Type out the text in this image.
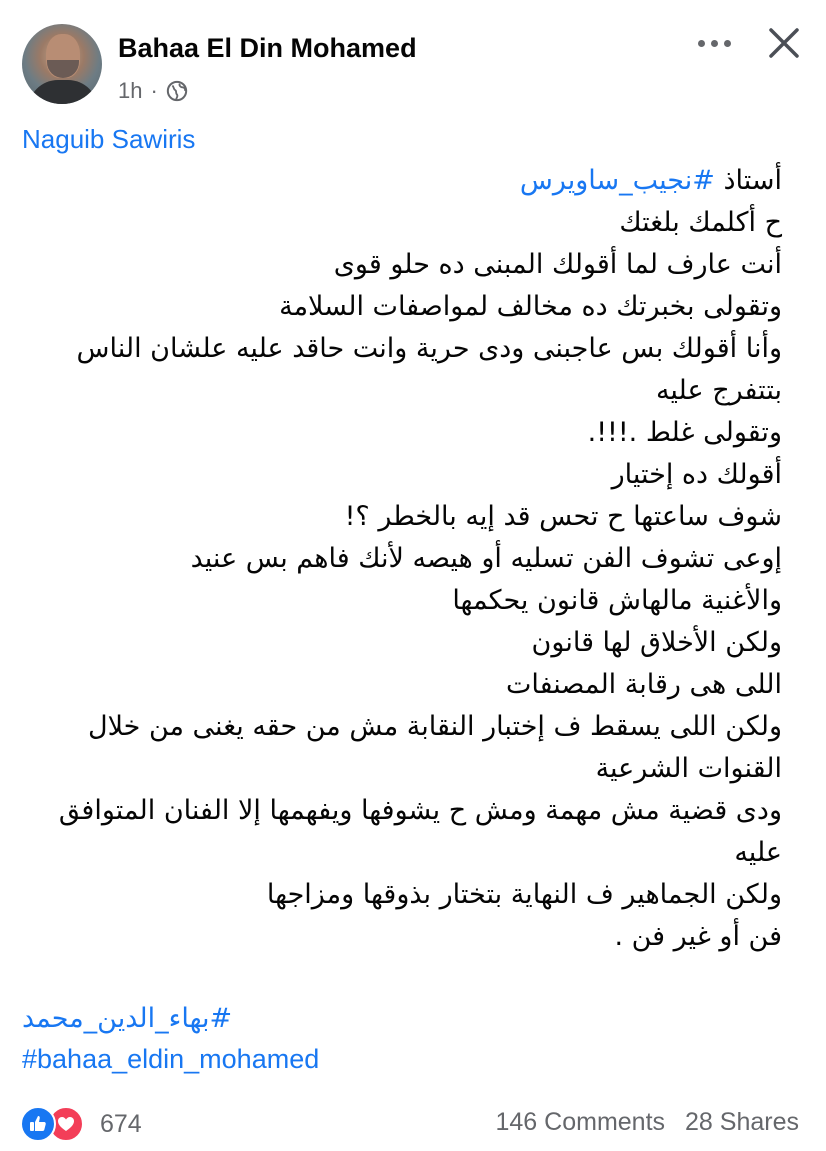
Bahaa El Din Mohamed
1h ·
Naguib Sawiris
أستاذ #نجيب_ساويرس
ح أكلمك بلغتك
أنت عارف لما أقولك المبنى ده حلو قوى
وتقولى بخبرتك ده مخالف لمواصفات السلامة
وأنا أقولك بس عاجبنى ودى حرية وانت حاقد عليه علشان الناس
بتتفرج عليه
وتقولى غلط .!!!.
أقولك ده إختيار
شوف ساعتها ح تحس قد إيه بالخطر ؟!
إوعى تشوف الفن تسليه أو هيصه لأنك فاهم بس عنيد
والأغنية مالهاش قانون يحكمها
ولكن الأخلاق لها قانون
اللى هى رقابة المصنفات
ولكن اللى يسقط ف إختبار النقابة مش من حقه يغنى من خلال
القنوات الشرعية
ودى قضية مش مهمة ومش ح يشوفها ويفهمها إلا الفنان المتوافق
عليه
ولكن الجماهير ف النهاية بتختار بذوقها ومزاجها
فن أو غير فن .
#بهاء_الدين_محمد
#bahaa_eldin_mohamed
674	146 Comments 28 Shares
